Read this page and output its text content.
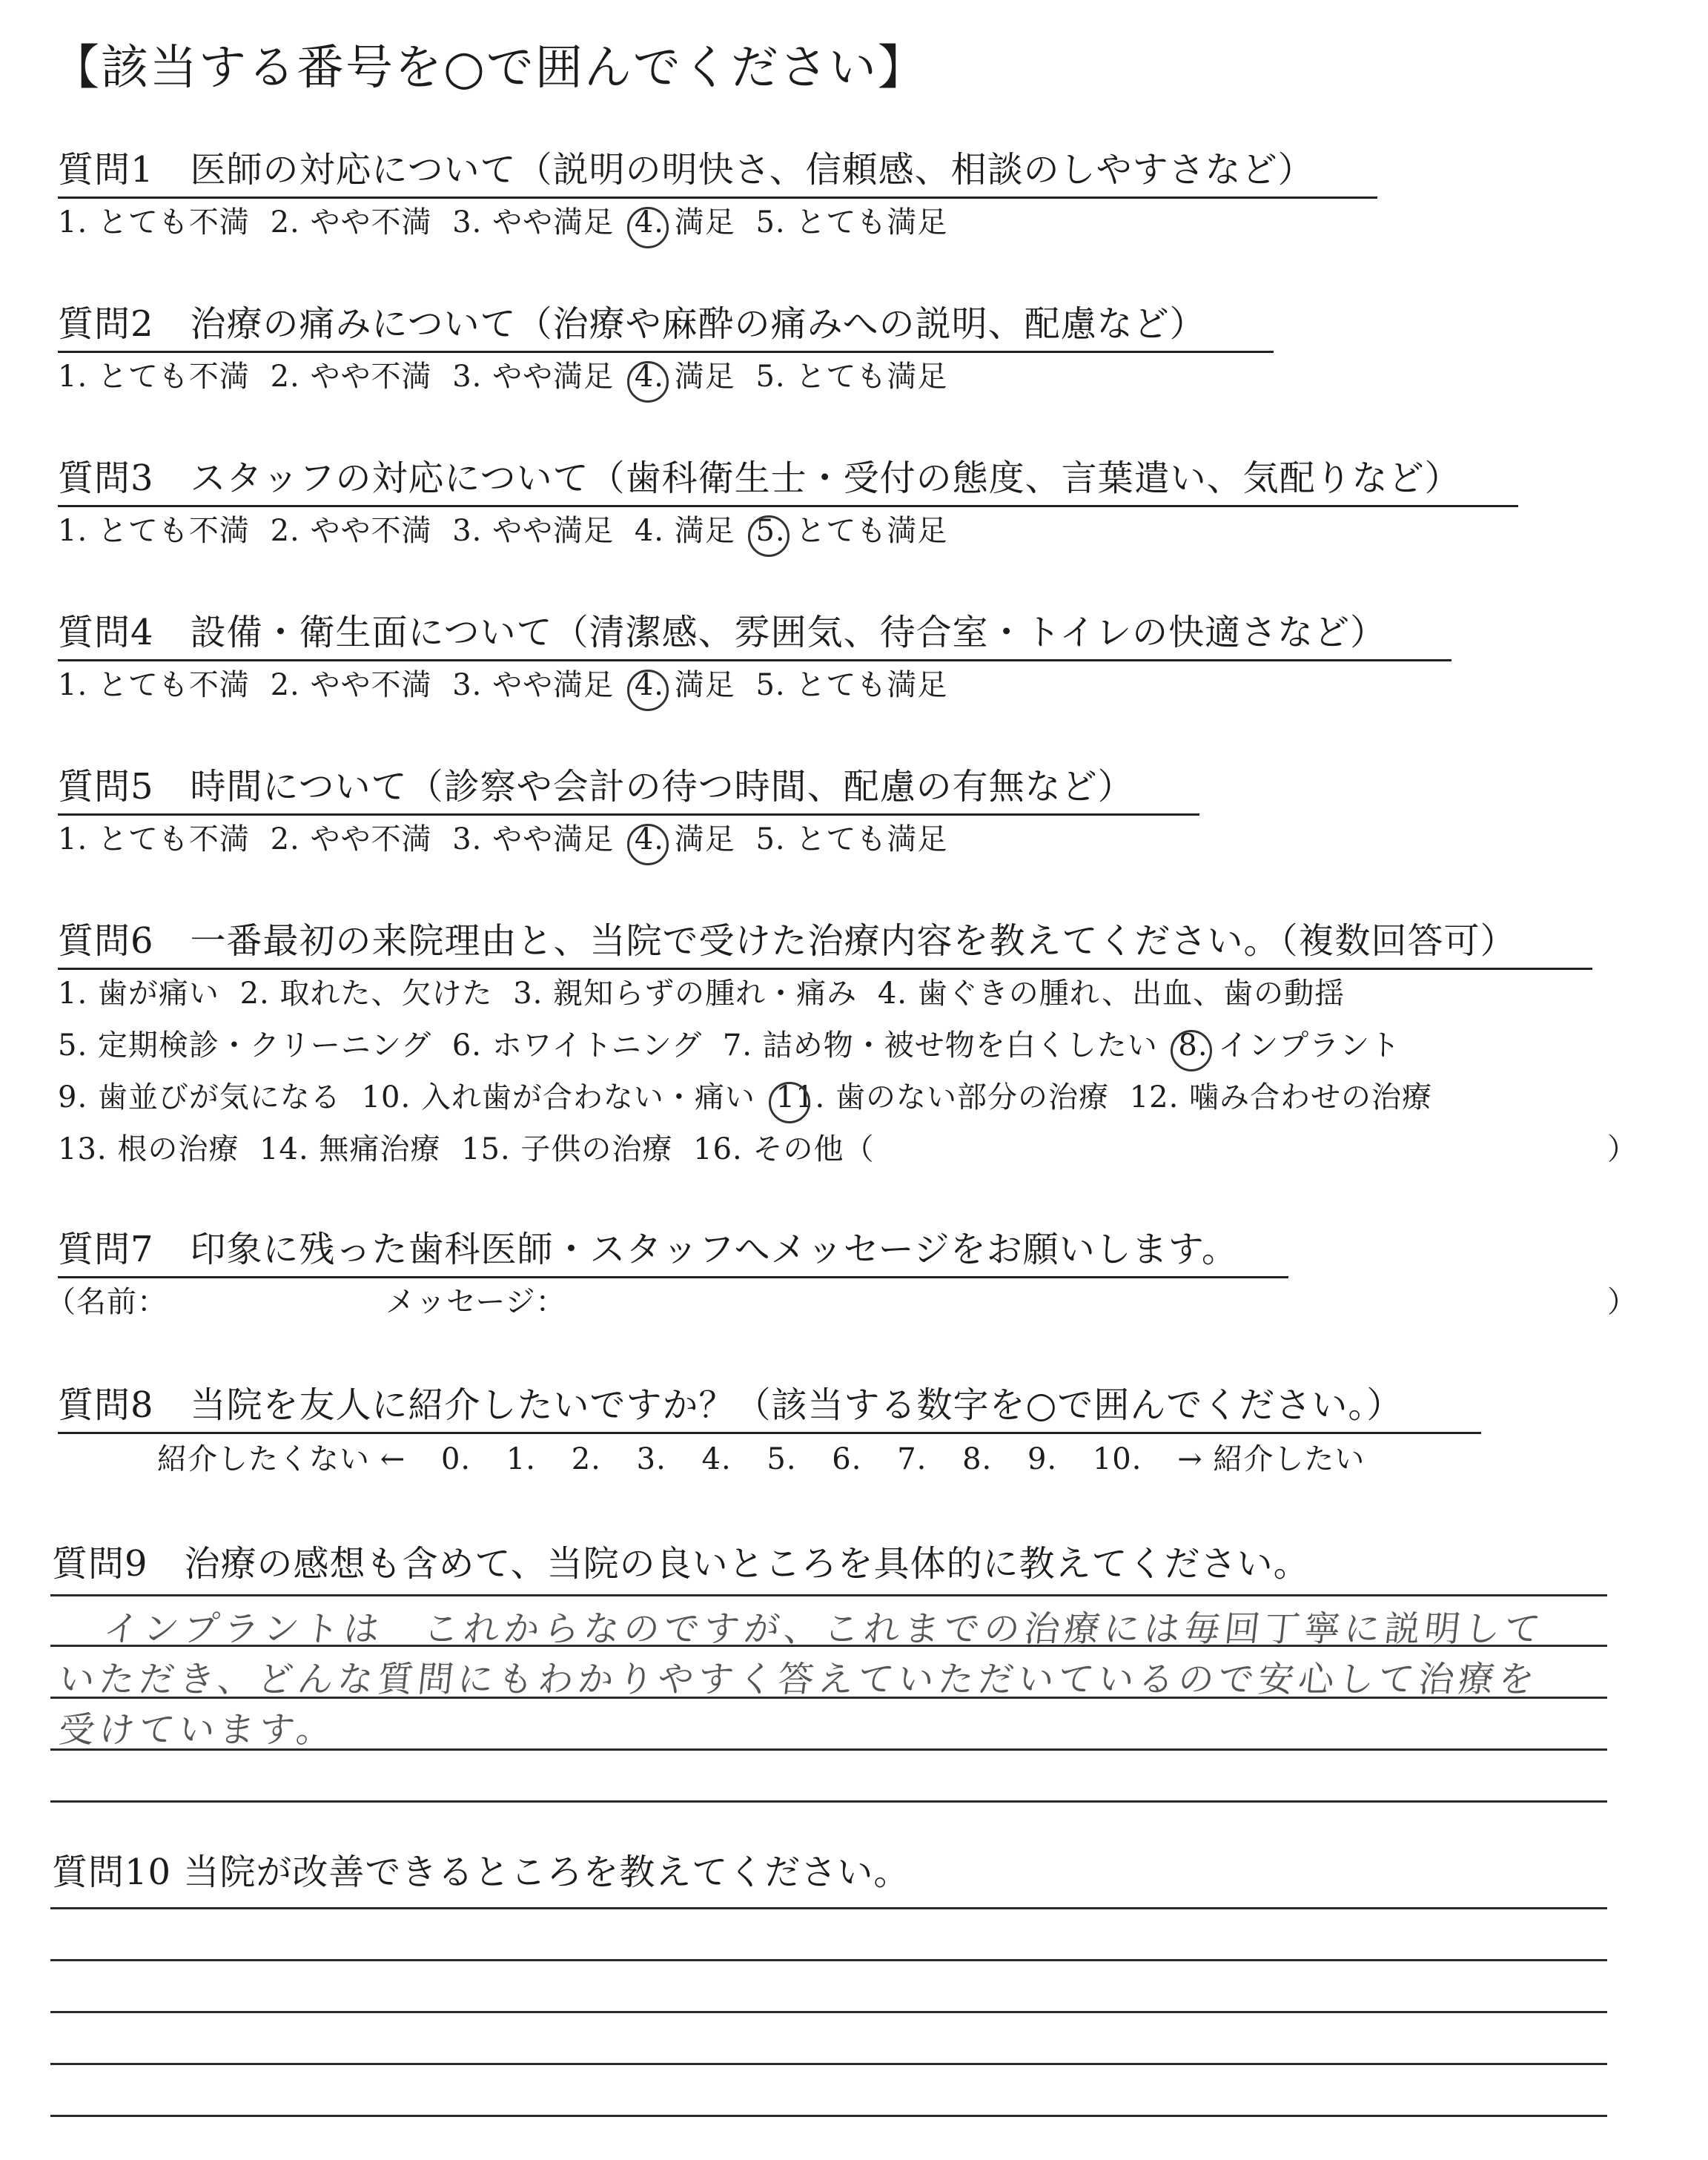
【該当する番号を○で囲んでください】
質問1　医師の対応について（説明の明快さ、信頼感、相談のしやすさなど）
1. とても不満 2. やや不満 3. やや満足 4. 満足 5. とても満足
質問2　治療の痛みについて（治療や麻酔の痛みへの説明、配慮など）
1. とても不満 2. やや不満 3. やや満足 4. 満足 5. とても満足
質問3　スタッフの対応について（歯科衛生士・受付の態度、言葉遣い、気配りなど）
1. とても不満 2. やや不満 3. やや満足 4. 満足 5. とても満足
質問4　設備・衛生面について（清潔感、雰囲気、待合室・トイレの快適さなど）
1. とても不満 2. やや不満 3. やや満足 4. 満足 5. とても満足
質問5　時間について（診察や会計の待つ時間、配慮の有無など）
1. とても不満 2. やや不満 3. やや満足 4. 満足 5. とても満足
質問6　一番最初の来院理由と、当院で受けた治療内容を教えてください。（複数回答可）
1. 歯が痛い 2. 取れた、欠けた 3. 親知らずの腫れ・痛み 4. 歯ぐきの腫れ、出血、歯の動揺
5. 定期検診・クリーニング 6. ホワイトニング 7. 詰め物・被せ物を白くしたい 8. インプラント
9. 歯並びが気になる 10. 入れ歯が合わない・痛い 11. 歯のない部分の治療 12. 噛み合わせの治療
13. 根の治療 14. 無痛治療 15. 子供の治療 16. その他（	）
質問7　印象に残った歯科医師・スタッフへメッセージをお願いします。
（名前：	メッセージ：	）
質問8　当院を友人に紹介したいですか？（該当する数字を○で囲んでください。）
紹介したくない ← 0. 1. 2. 3. 4. 5. 6. 7. 8. 9. 10. → 紹介したい
質問9　治療の感想も含めて、当院の良いところを具体的に教えてください。
インプラントは　これからなのですが、これまでの治療には毎回丁寧に説明して
いただき、どんな質問にもわかりやすく答えていただいているので安心して治療を
受けています。
質問10 当院が改善できるところを教えてください。
